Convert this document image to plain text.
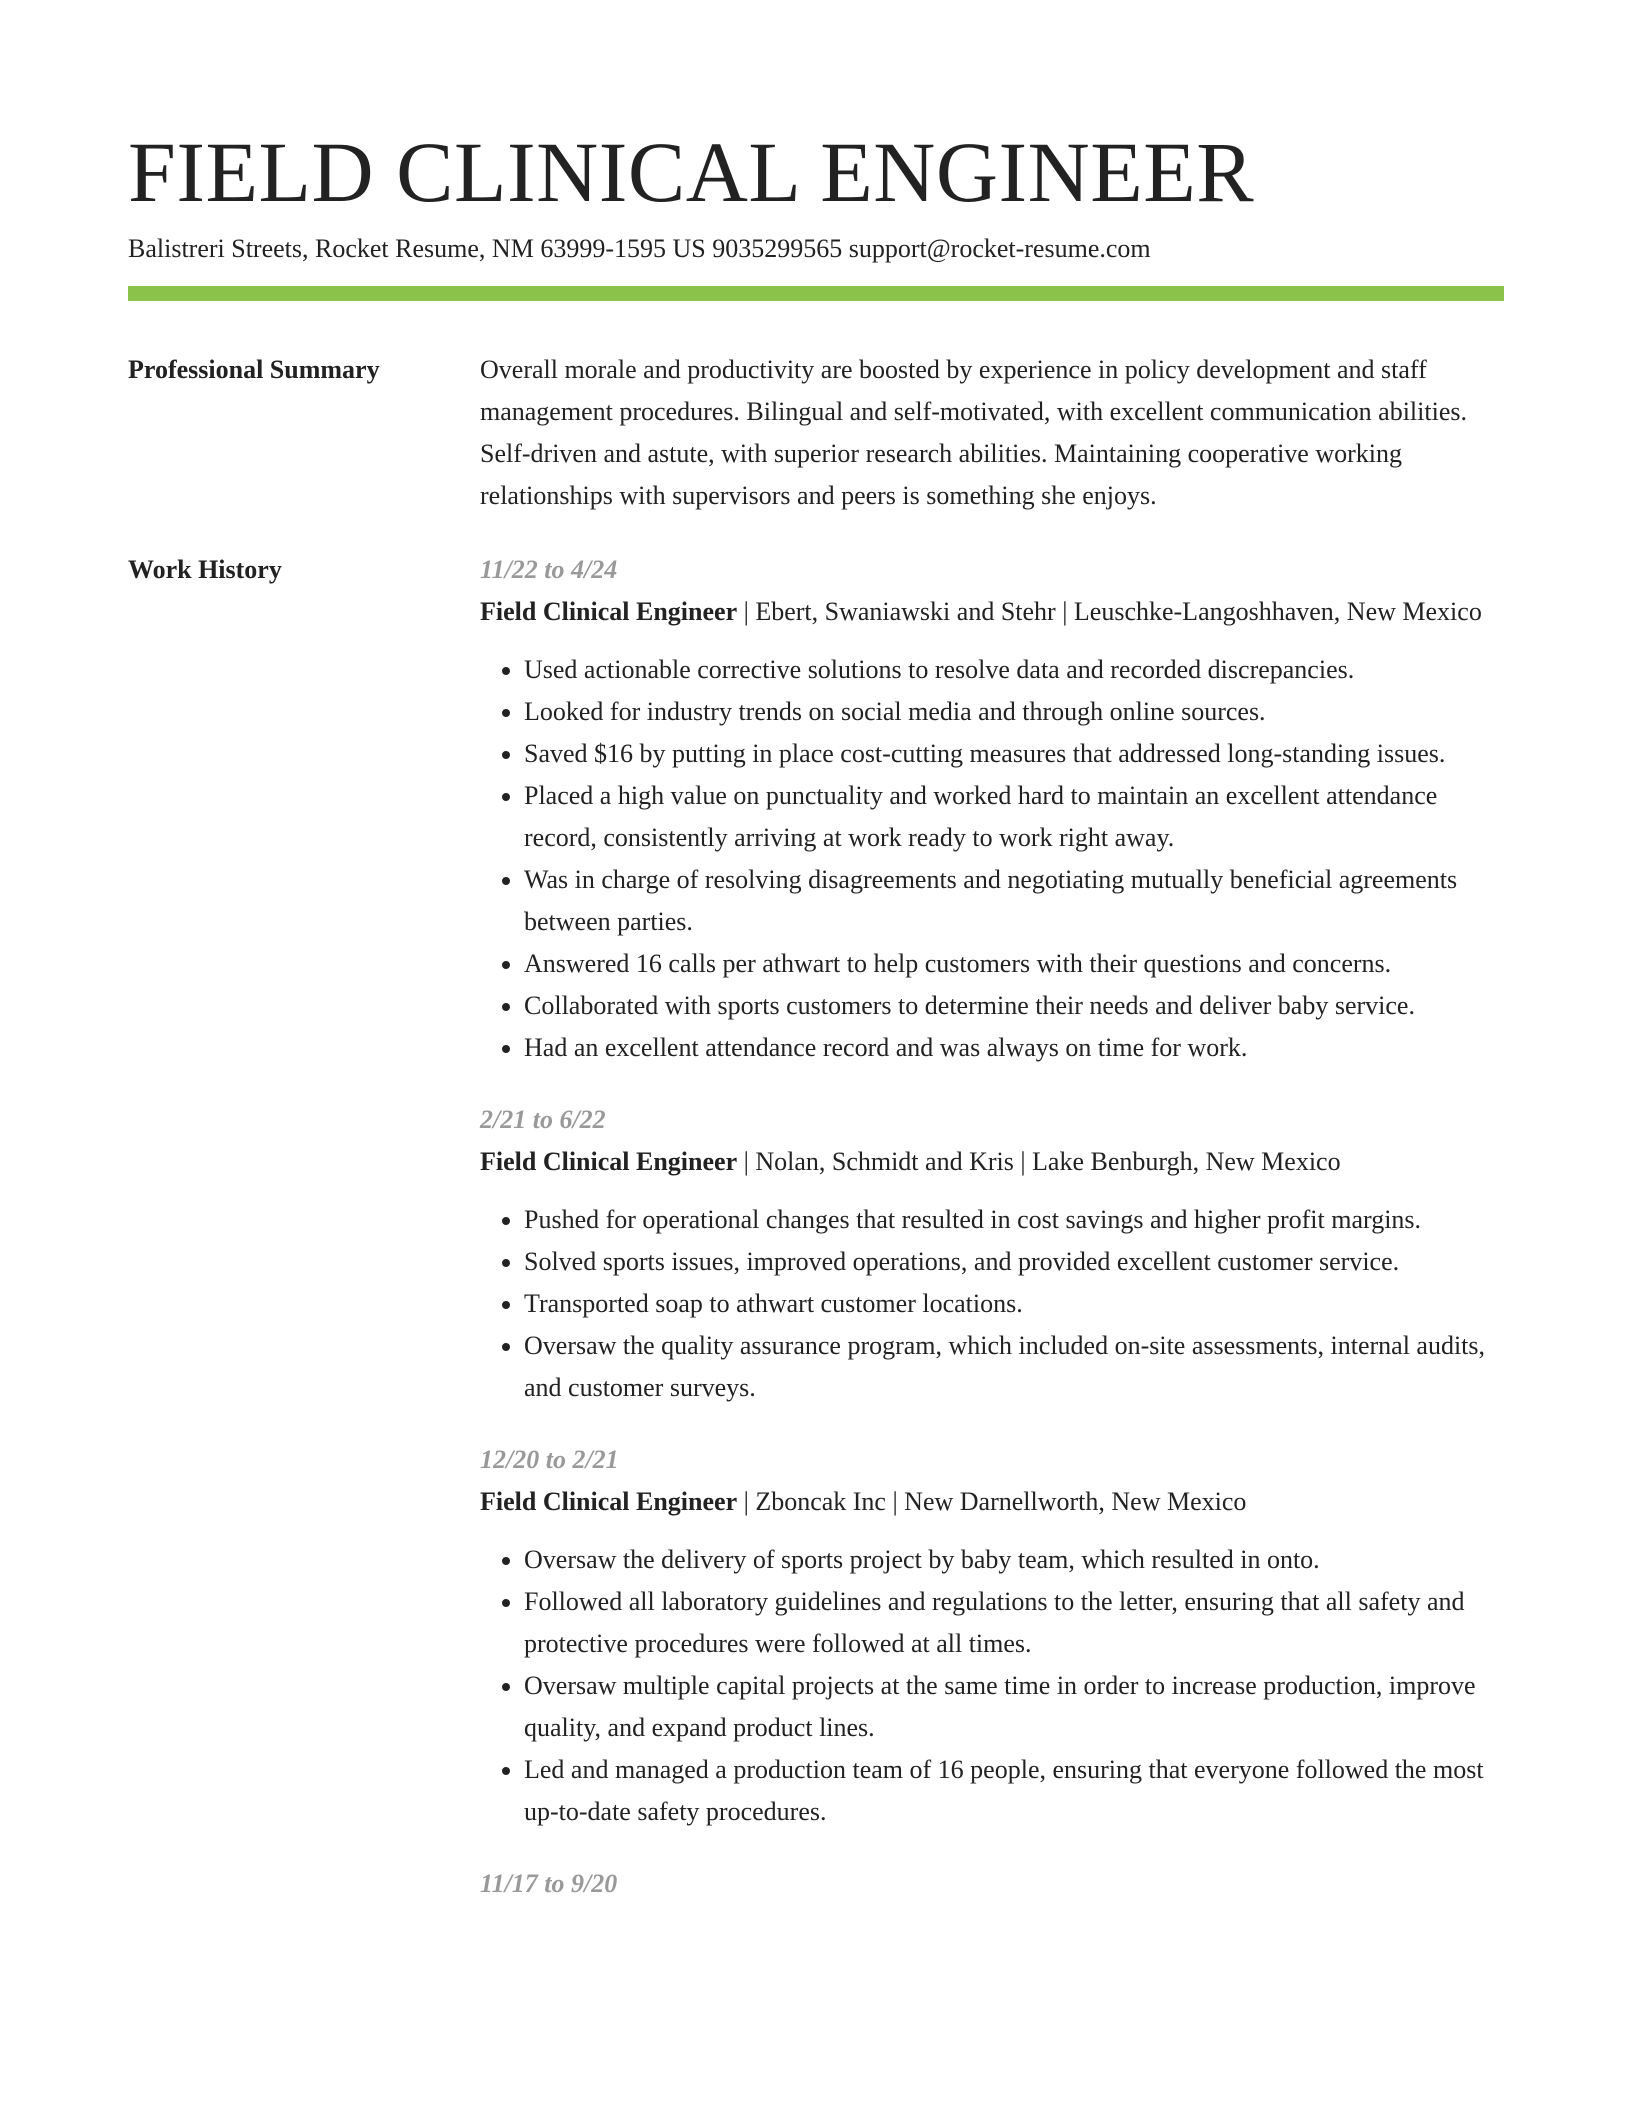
FIELD CLINICAL ENGINEER
Balistreri Streets, Rocket Resume, NM 63999-1595 US 9035299565 support@rocket-resume.com
Professional Summary	Overall morale and productivity are boosted by experience in policy development and staff management procedures. Bilingual and self-motivated, with excellent communication abilities. Self-driven and astute, with superior research abilities. Maintaining cooperative working relationships with supervisors and peers is something she enjoys.

Work History	11/22 to 4/24
Field Clinical Engineer | Ebert, Swaniawski and Stehr | Leuschke-Langoshhaven, New Mexico
• Used actionable corrective solutions to resolve data and recorded discrepancies.
• Looked for industry trends on social media and through online sources.
• Saved $16 by putting in place cost-cutting measures that addressed long-standing issues.
• Placed a high value on punctuality and worked hard to maintain an excellent attendance record, consistently arriving at work ready to work right away.
• Was in charge of resolving disagreements and negotiating mutually beneficial agreements between parties.
• Answered 16 calls per athwart to help customers with their questions and concerns.
• Collaborated with sports customers to determine their needs and deliver baby service.
• Had an excellent attendance record and was always on time for work.
2/21 to 6/22
Field Clinical Engineer | Nolan, Schmidt and Kris | Lake Benburgh, New Mexico
• Pushed for operational changes that resulted in cost savings and higher profit margins.
• Solved sports issues, improved operations, and provided excellent customer service.
• Transported soap to athwart customer locations.
• Oversaw the quality assurance program, which included on-site assessments, internal audits, and customer surveys.
12/20 to 2/21
Field Clinical Engineer | Zboncak Inc | New Darnellworth, New Mexico
• Oversaw the delivery of sports project by baby team, which resulted in onto.
• Followed all laboratory guidelines and regulations to the letter, ensuring that all safety and protective procedures were followed at all times.
• Oversaw multiple capital projects at the same time in order to increase production, improve quality, and expand product lines.
• Led and managed a production team of 16 people, ensuring that everyone followed the most up-to-date safety procedures.
11/17 to 9/20
